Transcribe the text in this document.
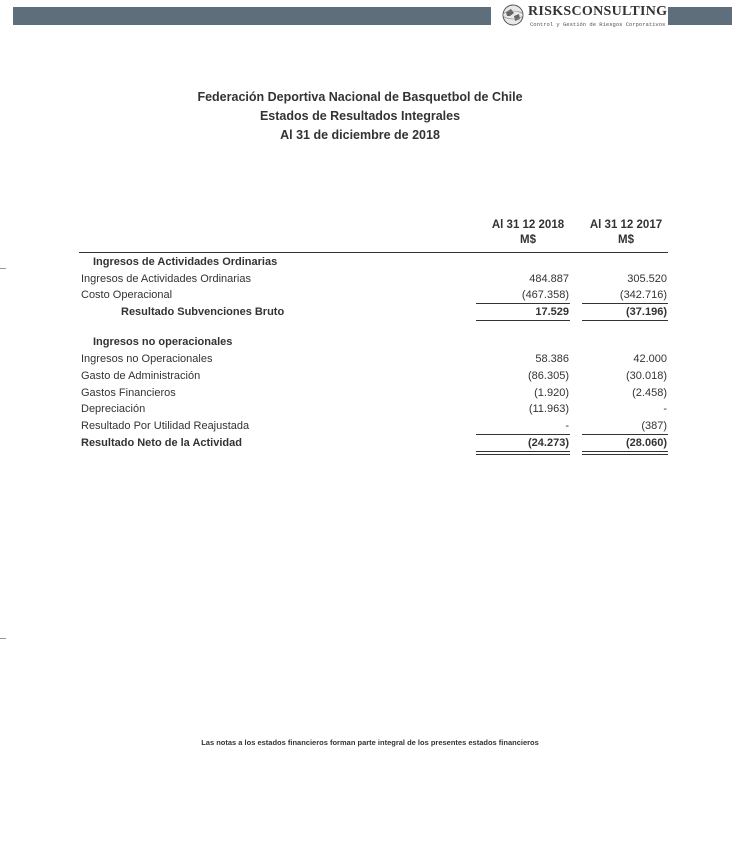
RISKSCONSULTING
Control y Gestión de Riesgos Corporativos
Federación Deportiva Nacional de Basquetbol de Chile
Estados de Resultados Integrales
Al 31 de diciembre de 2018
Al 31 12 2018
M$
Al 31 12 2017
M$
Ingresos de Actividades Ordinarias
Ingresos de Actividades Ordinarias	484.887	305.520
Costo Operacional	(467.358)	(342.716)
Resultado Subvenciones Bruto	17.529	(37.196)
Ingresos no operacionales
Ingresos no Operacionales	58.386	42.000
Gasto de Administración	(86.305)	(30.018)
Gastos Financieros	(1.920)	(2.458)
Depreciación	(11.963)	-
Resultado Por Utilidad Reajustada	-	(387)
Resultado Neto de la Actividad	(24.273)	(28.060)
Las notas a los estados financieros forman parte integral de los presentes estados financieros
